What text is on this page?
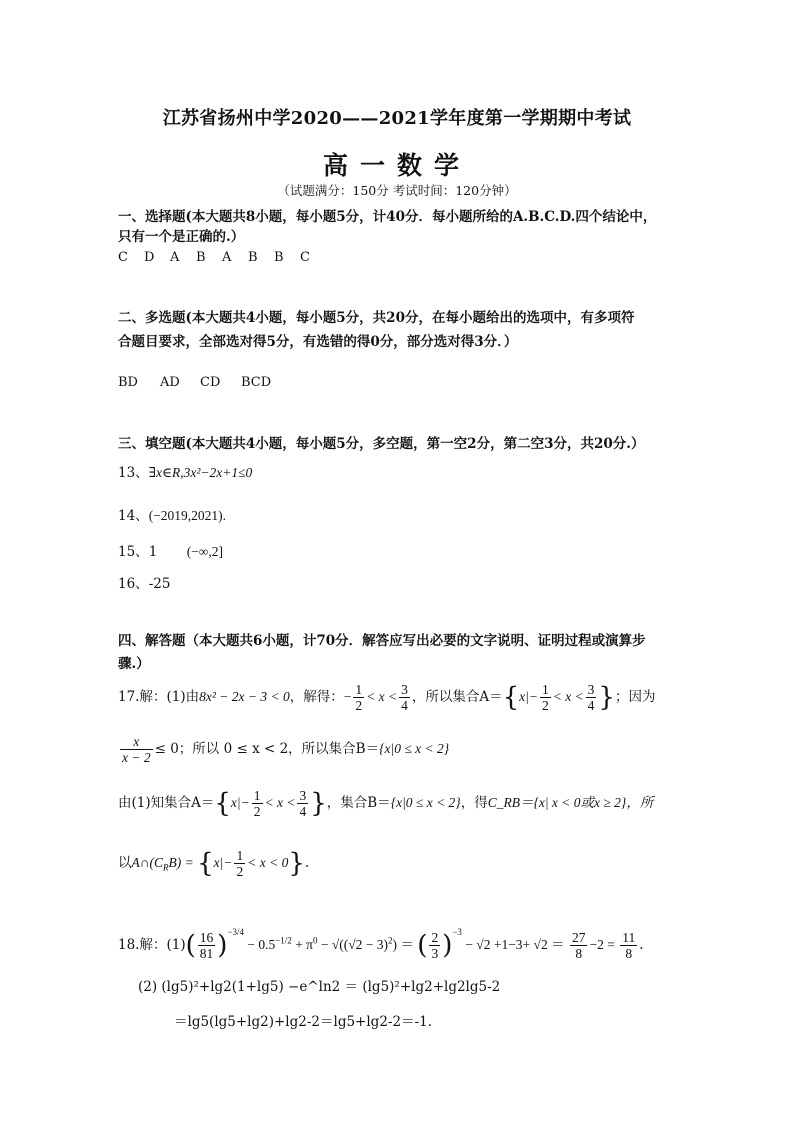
江苏省扬州中学2020——2021学年度第一学期期中考试
高一数学
（试题满分：150分 考试时间：120分钟）
一、选择题(本大题共8小题，每小题5分，计40分．每小题所给的A.B.C.D.四个结论中，
只有一个是正确的.）
C D A B A B B C
二、多选题(本大题共4小题，每小题5分，共20分，在每小题给出的选项中，有多项符
合题目要求，全部选对得5分，有选错的得0分，部分选对得3分．）
BD AD CD BCD
三、填空题(本大题共4小题，每小题5分，多空题，第一空2分，第二空3分，共20分.）
13、∃x∈R,3x²−2x+1≤0
14、(−2019,2021).
15、1 (−∞,2]
16、-25
四、解答题（本大题共6小题，计70分．解答应写出必要的文字说明、证明过程或演算步
骤.）
17.解：(1)由8x² − 2x − 3 < 0，解得：− $\frac{1}{2} < x < \frac{3}{4}$ ，所以集合$A=\{x|- \frac{1}{2} < x < \frac{3}{4}$ }；因为
$\frac{x}{x - 2} \le 0$；所以 0 ≤ x < 2，所以集合B＝{x|0 ≤ x < 2}
由(1)知集合$A=\{x|- \frac{1}{2} < x < \frac{3}{4}$ }，集合B＝{x|0 ≤ x < 2}，得C_RB＝{x| x < 0或x ≥ 2}，所
以$A\cap(C_RB) = \{x|- \frac{1}{2} < x < 0\}$.
18.解：$(1)( \frac{16}{81} )^{-3/4} - 0.5^{-1/2} + \pi^0 - √((√2 - 3)^2)$ ＝ ( $\frac{2}{3} )^{-3} - √2 +1-3+ √2 = \frac{27}{8} -2 = \frac{11}{8}$ .
(2) (lg5)²+lg2(1+lg5) −e^ln2 ＝ (lg5)²+lg2+lg2lg5-2
＝lg5(lg5+lg2)+lg2-2＝lg5+lg2-2＝-1.
